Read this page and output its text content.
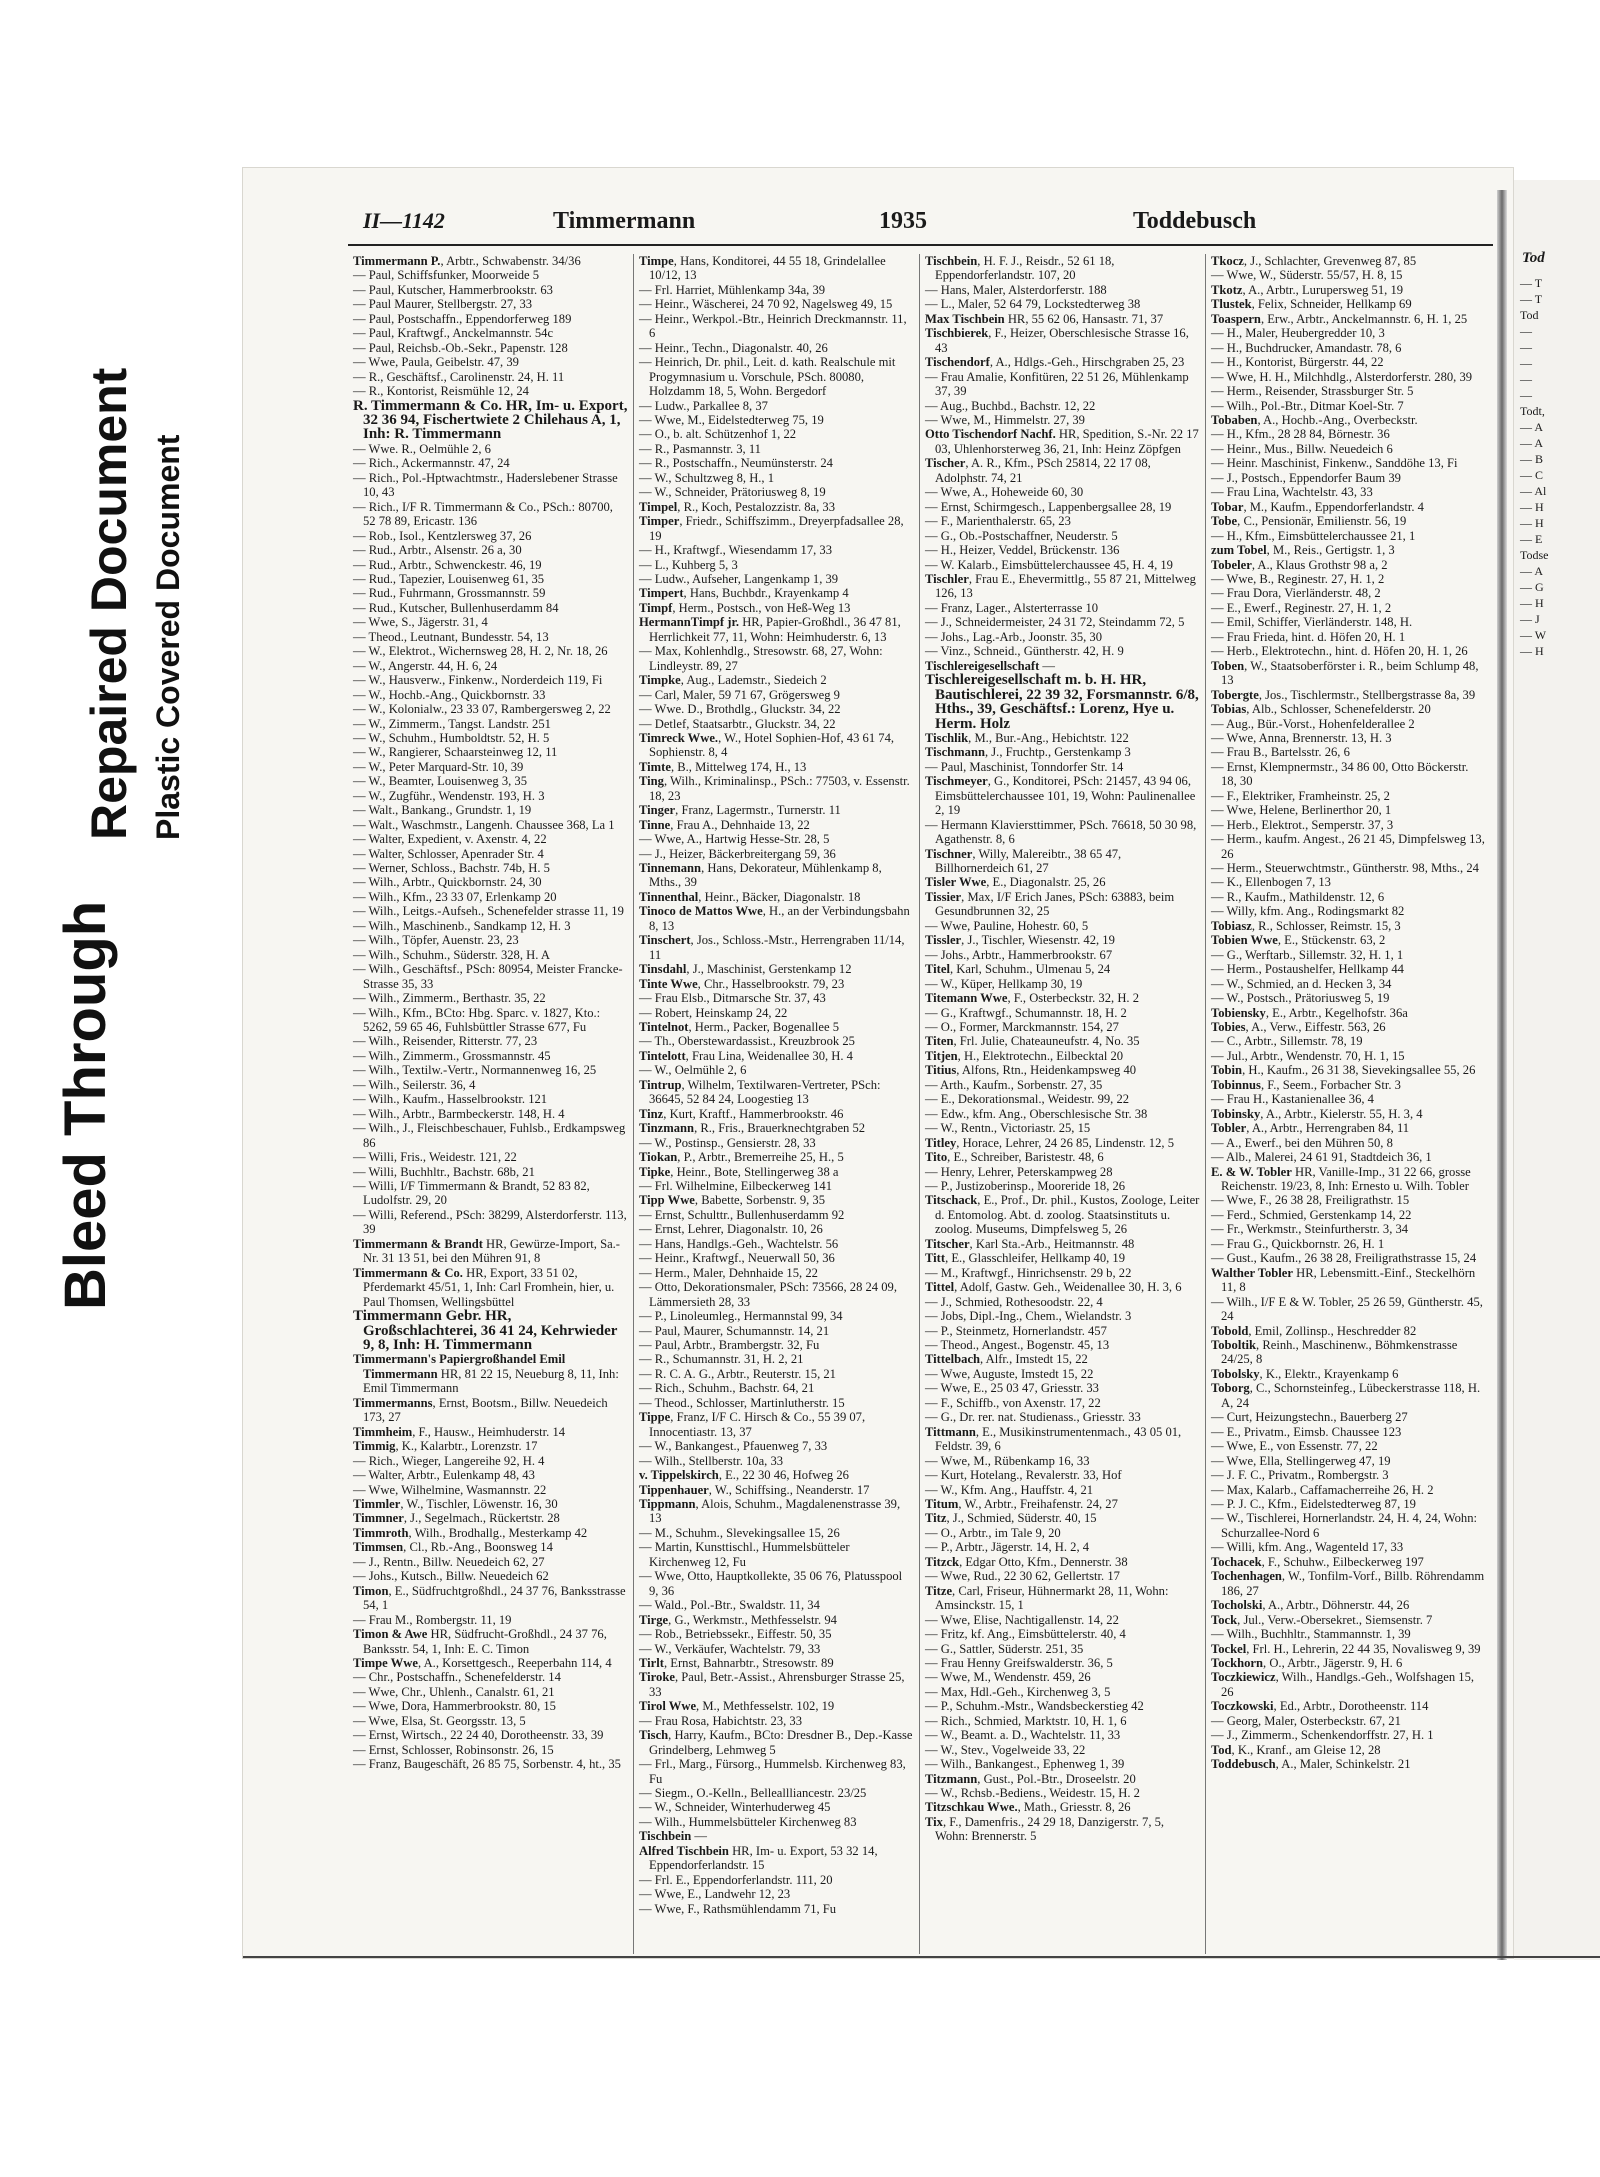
Bleed Through
Repaired Document Plastic Covered Document
II—1142	Timmermann	1935	Toddebusch
Timmermann P., Arbtr., Schwabenstr. 34/36
— Paul, Schiffsfunker, Moorweide 5
— Paul, Kutscher, Hammerbrookstr. 63
— Paul Maurer, Stellbergstr. 27, 33
— Paul, Postschaffn., Eppendorferweg 189
— Paul, Kraftwgf., Anckelmannstr. 54c
— Paul, Reichsb.-Ob.-Sekr., Papenstr. 128
— Wwe, Paula, Geibelstr. 47, 39
— R., Geschäftsf., Carolinenstr. 24, H. 11
— R., Kontorist, Reismühle 12, 24
R. Timmermann & Co. HR, Im- u. Export, 32 36 94, Fischertwiete 2 Chilehaus A, 1, Inh: R. Timmermann
— Wwe. R., Oelmühle 2, 6
— Rich., Ackermannstr. 47, 24
— Rich., Pol.-Hptwachtmstr., Haderslebener Strasse 10, 43
— Rich., I/F R. Timmermann & Co., PSch.: 80700, 52 78 89, Ericastr. 136
— Rob., Isol., Kentzlersweg 37, 26
— Rud., Arbtr., Alsenstr. 26 a, 30
— Rud., Arbtr., Schwenckestr. 46, 19
— Rud., Tapezier, Louisenweg 61, 35
— Rud., Fuhrmann, Grossmannstr. 59
— Rud., Kutscher, Bullenhuserdamm 84
— Wwe, S., Jägerstr. 31, 4
— Theod., Leutnant, Bundesstr. 54, 13
— W., Elektrot., Wichernsweg 28, H. 2, Nr. 18, 26
— W., Angerstr. 44, H. 6, 24
— W., Hausverw., Finkenw., Norderdeich 119, Fi
— W., Hochb.-Ang., Quickbornstr. 33
— W., Kolonialw., 23 33 07, Rambergersweg 2, 22
— W., Zimmerm., Tangst. Landstr. 251
— W., Schuhm., Humboldtstr. 52, H. 5
— W., Rangierer, Schaarsteinweg 12, 11
— W., Peter Marquard-Str. 10, 39
— W., Beamter, Louisenweg 3, 35
— W., Zugführ., Wendenstr. 193, H. 3
— Walt., Bankang., Grundstr. 1, 19
— Walt., Waschmstr., Langenh. Chaussee 368, La 1
— Walter, Expedient, v. Axenstr. 4, 22
— Walter, Schlosser, Apenrader Str. 4
— Werner, Schloss., Bachstr. 74b, H. 5
— Wilh., Arbtr., Quickbornstr. 24, 30
— Wilh., Kfm., 23 33 07, Erlenkamp 20
— Wilh., Leitgs.-Aufseh., Schenefelder strasse 11, 19
— Wilh., Maschinenb., Sandkamp 12, H. 3
— Wilh., Töpfer, Auenstr. 23, 23
— Wilh., Schuhm., Süderstr. 328, H. A
— Wilh., Geschäftsf., PSch: 80954, Meister Francke-Strasse 35, 33
— Wilh., Zimmerm., Berthastr. 35, 22
— Wilh., Kfm., BCto: Hbg. Sparc. v. 1827, Kto.: 5262, 59 65 46, Fuhlsbüttler Strasse 677, Fu
— Wilh., Reisender, Ritterstr. 77, 23
— Wilh., Zimmerm., Grossmannstr. 45
— Wilh., Textilw.-Vertr., Normannenweg 16, 25
— Wilh., Seilerstr. 36, 4
— Wilh., Kaufm., Hasselbrookstr. 121
— Wilh., Arbtr., Barmbeckerstr. 148, H. 4
— Wilh., J., Fleischbeschauer, Fuhlsb., Erdkampsweg 86
— Willi, Fris., Weidestr. 121, 22
— Willi, Buchhltr., Bachstr. 68b, 21
— Willi, I/F Timmermann & Brandt, 52 83 82, Ludolfstr. 29, 20
— Willi, Referend., PSch: 38299, Alsterdorferstr. 113, 39
Timmermann & Brandt HR, Gewürze-Import, Sa.-Nr. 31 13 51, bei den Mühren 91, 8
Timmermann & Co. HR, Export, 33 51 02, Pferdemarkt 45/51, 1, Inh: Carl Fromhein, hier, u. Paul Thomsen, Wellingsbüttel
Timmermann Gebr. HR, Großschlachterei, 36 41 24, Kehrwieder 9, 8, Inh: H. Timmermann
Timmermann's Papiergroßhandel Emil Timmermann HR, 81 22 15, Neueburg 8, 11, Inh: Emil Timmermann
Timmermanns, Ernst, Bootsm., Billw. Neuedeich 173, 27
Timmheim, F., Hausw., Heimhuderstr. 14
Timmig, K., Kalarbtr., Lorenzstr. 17
— Rich., Wieger, Langereihe 92, H. 4
— Walter, Arbtr., Eulenkamp 48, 43
— Wwe, Wilhelmine, Wasmannstr. 22
Timmler, W., Tischler, Löwenstr. 16, 30
Timmner, J., Segelmach., Rückertstr. 28
Timmroth, Wilh., Brodhallg., Mesterkamp 42
Timmsen, Cl., Rb.-Ang., Boonsweg 14
— J., Rentn., Billw. Neuedeich 62, 27
— Johs., Kutsch., Billw. Neuedeich 62
Timon, E., Südfruchtgroßhdl., 24 37 76, Banksstrasse 54, 1
— Frau M., Rombergstr. 11, 19
Timon & Awe HR, Südfrucht-Großhdl., 24 37 76, Banksstr. 54, 1, Inh: E. C. Timon
Timpe Wwe, A., Korsettgesch., Reeperbahn 114, 4
— Chr., Postschaffn., Schenefelderstr. 14
— Wwe, Chr., Uhlenh., Canalstr. 61, 21
— Wwe, Dora, Hammerbrookstr. 80, 15
— Wwe, Elsa, St. Georgsstr. 13, 5
— Ernst, Wirtsch., 22 24 40, Dorotheenstr. 33, 39
— Ernst, Schlosser, Robinsonstr. 26, 15
— Franz, Baugeschäft, 26 85 75, Sorbenstr. 4, ht., 35
Timpe, Hans, Konditorei, 44 55 18, Grindelallee 10/12, 13
— Frl. Harriet, Mühlenkamp 34a, 39
— Heinr., Wäscherei, 24 70 92, Nagelsweg 49, 15
— Heinr., Werkpol.-Btr., Heinrich Dreckmannstr. 11, 6
— Heinr., Techn., Diagonalstr. 40, 26
— Heinrich, Dr. phil., Leit. d. kath. Realschule mit Progymnasium u. Vorschule, PSch. 80080, Holzdamm 18, 5, Wohn. Bergedorf
— Ludw., Parkallee 8, 37
— Wwe, M., Eidelstedterweg 75, 19
— O., b. alt. Schützenhof 1, 22
— R., Pasmannstr. 3, 11
— R., Postschaffn., Neumünsterstr. 24
— W., Schultzweg 8, H., 1
— W., Schneider, Prätoriusweg 8, 19
Timpel, R., Koch, Pestalozzistr. 8a, 33
Timper, Friedr., Schiffszimm., Dreyerpfadsallee 28, 19
— H., Kraftwgf., Wiesendamm 17, 33
— L., Kuhberg 5, 3
— Ludw., Aufseher, Langenkamp 1, 39
Timpert, Hans, Buchbdr., Krayenkamp 4
Timpf, Herm., Postsch., von Heß-Weg 13
HermannTimpf jr. HR, Papier-Großhdl., 36 47 81, Herrlichkeit 77, 11, Wohn: Heimhuderstr. 6, 13
— Max, Kohlenhdlg., Stresowstr. 68, 27, Wohn: Lindleystr. 89, 27
Timpke, Aug., Lademstr., Siedeich 2
— Carl, Maler, 59 71 67, Grögersweg 9
— Wwe. D., Brothdlg., Gluckstr. 34, 22
— Detlef, Staatsarbtr., Gluckstr. 34, 22
Timreck Wwe., W., Hotel Sophien-Hof, 43 61 74, Sophienstr. 8, 4
Timte, B., Mittelweg 174, H., 13
Ting, Wilh., Kriminalinsp., PSch.: 77503, v. Essenstr. 18, 23
Tinger, Franz, Lagermstr., Turnerstr. 11
Tinne, Frau A., Dehnhaide 13, 22
— Wwe, A., Hartwig Hesse-Str. 28, 5
— J., Heizer, Bäckerbreitergang 59, 36
Tinnemann, Hans, Dekorateur, Mühlenkamp 8, Mths., 39
Tinnenthal, Heinr., Bäcker, Diagonalstr. 18
Tinoco de Mattos Wwe, H., an der Verbindungsbahn 8, 13
Tinschert, Jos., Schloss.-Mstr., Herrengraben 11/14, 11
Tinsdahl, J., Maschinist, Gerstenkamp 12
Tinte Wwe, Chr., Hasselbrookstr. 79, 23
— Frau Elsb., Ditmarsche Str. 37, 43
— Robert, Heinskamp 24, 22
Tintelnot, Herm., Packer, Bogenallee 5
— Th., Oberstewardassist., Kreuzbrook 25
Tintelott, Frau Lina, Weidenallee 30, H. 4
— W., Oelmühle 2, 6
Tintrup, Wilhelm, Textilwaren-Vertreter, PSch: 36645, 52 84 24, Loogestieg 13
Tinz, Kurt, Kraftf., Hammerbrookstr. 46
Tinzmann, R., Fris., Brauerknechtgraben 52
— W., Postinsp., Gensierstr. 28, 33
Tiokan, P., Arbtr., Bremerreihe 25, H., 5
Tipke, Heinr., Bote, Stellingerweg 38 a
— Frl. Wilhelmine, Eilbeckerweg 141
Tipp Wwe, Babette, Sorbenstr. 9, 35
— Ernst, Schulttr., Bullenhuserdamm 92
— Ernst, Lehrer, Diagonalstr. 10, 26
— Hans, Handlgs.-Geh., Wachtelstr. 56
— Heinr., Kraftwgf., Neuerwall 50, 36
— Herm., Maler, Dehnhaide 15, 22
— Otto, Dekorationsmaler, PSch: 73566, 28 24 09, Lämmersieth 28, 33
— P., Linoleumleg., Hermannstal 99, 34
— Paul, Maurer, Schumannstr. 14, 21
— Paul, Arbtr., Brambergstr. 32, Fu
— R., Schumannstr. 31, H. 2, 21
— R. C. A. G., Arbtr., Reuterstr. 15, 21
— Rich., Schuhm., Bachstr. 64, 21
— Theod., Schlosser, Martinlutherstr. 15
Tippe, Franz, I/F C. Hirsch & Co., 55 39 07, Innocentiastr. 13, 37
— W., Bankangest., Pfauenweg 7, 33
— Wilh., Stellberstr. 10a, 33
v. Tippelskirch, E., 22 30 46, Hofweg 26
Tippenhauer, W., Schiffsing., Neanderstr. 17
Tippmann, Alois, Schuhm., Magdalenenstrasse 39, 13
— M., Schuhm., Slevekingsallee 15, 26
— Martin, Kunsttischl., Hummelsbütteler Kirchenweg 12, Fu
— Wwe, Otto, Hauptkollekte, 35 06 76, Platusspool 9, 36
— Wald., Pol.-Btr., Swaldstr. 11, 34
Tirge, G., Werkmstr., Methfesselstr. 94
— Rob., Betriebssekr., Eiffestr. 50, 35
— W., Verkäufer, Wachtelstr. 79, 33
Tirlt, Ernst, Bahnarbtr., Stresowstr. 89
Tiroke, Paul, Betr.-Assist., Ahrensburger Strasse 25, 33
Tirol Wwe, M., Methfesselstr. 102, 19
— Frau Rosa, Habichtstr. 23, 33
Tisch, Harry, Kaufm., BCto: Dresdner B., Dep.-Kasse Grindelberg, Lehmweg 5
— Frl., Marg., Fürsorg., Hummelsb. Kirchenweg 83, Fu
— Siegm., O.-Kelln., Belleallliancestr. 23/25
— W., Schneider, Winterhuderweg 45
— Wilh., Hummelsbütteler Kirchenweg 83
Tischbein —
Alfred Tischbein HR, Im- u. Export, 53 32 14, Eppendorferlandstr. 15
— Frl. E., Eppendorferlandstr. 111, 20
— Wwe, E., Landwehr 12, 23
— Wwe, F., Rathsmühlendamm 71, Fu
Tischbein, H. F. J., Reisdr., 52 61 18, Eppendorferlandstr. 107, 20
— Hans, Maler, Alsterdorferstr. 188
— L., Maler, 52 64 79, Lockstedterweg 38
Max Tischbein HR, 55 62 06, Hansastr. 71, 37
Tischbierek, F., Heizer, Oberschlesische Strasse 16, 43
Tischendorf, A., Hdlgs.-Geh., Hirschgraben 25, 23
— Frau Amalie, Konfitüren, 22 51 26, Mühlenkamp 37, 39
— Aug., Buchbd., Bachstr. 12, 22
— Wwe, M., Himmelstr. 27, 39
Otto Tischendorf Nachf. HR, Spedition, S.-Nr. 22 17 03, Uhlenhorsterweg 36, 21, Inh: Heinz Zöpfgen
Tischer, A. R., Kfm., PSch 25814, 22 17 08, Adolphstr. 74, 21
— Wwe, A., Hoheweide 60, 30
— Ernst, Schirmgesch., Lappenbergsallee 28, 19
— F., Marienthalerstr. 65, 23
— G., Ob.-Postschaffner, Neuderstr. 5
— H., Heizer, Veddel, Brückenstr. 136
— W. Kalarb., Eimsbüttelerchaussee 45, H. 4, 19
Tischler, Frau E., Ehevermittlg., 55 87 21, Mittelweg 126, 13
— Franz, Lager., Alsterterrasse 10
— J., Schneidermeister, 24 31 72, Steindamm 72, 5
— Johs., Lag.-Arb., Joonstr. 35, 30
— Vinz., Schneid., Güntherstr. 42, H. 9
Tischlereigesellschaft —
Tischlereigesellschaft m. b. H. HR, Bautischlerei, 22 39 32, Forsmannstr. 6/8, Hths., 39, Geschäftsf.: Lorenz, Hye u. Herm. Holz
Tischlik, M., Bur.-Ang., Hebichtstr. 122
Tischmann, J., Fruchtp., Gerstenkamp 3
— Paul, Maschinist, Tonndorfer Str. 14
Tischmeyer, G., Konditorei, PSch: 21457, 43 94 06, Eimsbüttelerchaussee 101, 19, Wohn: Paulinenallee 2, 19
— Hermann Klaviersttimmer, PSch. 76618, 50 30 98, Agathenstr. 8, 6
Tischner, Willy, Malereibtr., 38 65 47, Billhornerdeich 61, 27
Tisler Wwe, E., Diagonalstr. 25, 26
Tissier, Max, I/F Erich Janes, PSch: 63883, beim Gesundbrunnen 32, 25
— Wwe, Pauline, Hohestr. 60, 5
Tissler, J., Tischler, Wiesenstr. 42, 19
— Johs., Arbtr., Hammerbrookstr. 67
Titel, Karl, Schuhm., Ulmenau 5, 24
— W., Küper, Hellkamp 30, 19
Titemann Wwe, F., Osterbeckstr. 32, H. 2
— G., Kraftwgf., Schumannstr. 18, H. 2
— O., Former, Marckmannstr. 154, 27
Titen, Frl. Julie, Chateauneufstr. 4, No. 35
Titjen, H., Elektrotechn., Eilbecktal 20
Titius, Alfons, Rtn., Heidenkampsweg 40
— Arth., Kaufm., Sorbenstr. 27, 35
— E., Dekorationsmal., Weidestr. 99, 22
— Edw., kfm. Ang., Oberschlesische Str. 38
— W., Rentn., Victoriastr. 25, 15
Titley, Horace, Lehrer, 24 26 85, Lindenstr. 12, 5
Tito, E., Schreiber, Baristestr. 48, 6
— Henry, Lehrer, Peterskampweg 28
— P., Justizoberinsp., Mooreride 18, 26
Titschack, E., Prof., Dr. phil., Kustos, Zoologe, Leiter d. Entomolog. Abt. d. zoolog. Staatsinstituts u. zoolog. Museums, Dimpfelsweg 5, 26
Titscher, Karl Sta.-Arb., Heitmannstr. 48
Titt, E., Glasschleifer, Hellkamp 40, 19
— M., Kraftwgf., Hinrichsenstr. 29 b, 22
Tittel, Adolf, Gastw. Geh., Weidenallee 30, H. 3, 6
— J., Schmied, Rothesoodstr. 22, 4
— Jobs, Dipl.-Ing., Chem., Wielandstr. 3
— P., Steinmetz, Hornerlandstr. 457
— Theod., Angest., Bogenstr. 45, 13
Tittelbach, Alfr., Imstedt 15, 22
— Wwe, Auguste, Imstedt 15, 22
— Wwe, E., 25 03 47, Griesstr. 33
— F., Schiffb., von Axenstr. 17, 22
— G., Dr. rer. nat. Studienass., Griesstr. 33
Tittmann, E., Musikinstrumentenmach., 43 05 01, Feldstr. 39, 6
— Wwe, M., Rübenkamp 16, 33
— Kurt, Hotelang., Revalerstr. 33, Hof
— W., Kfm. Ang., Hauffstr. 4, 21
Titum, W., Arbtr., Freihafenstr. 24, 27
Titz, J., Schmied, Süderstr. 40, 15
— O., Arbtr., im Tale 9, 20
— P., Arbtr., Jägerstr. 14, H. 2, 4
Titzck, Edgar Otto, Kfm., Dennerstr. 38
— Wwe, Rud., 22 30 62, Gellertstr. 17
Titze, Carl, Friseur, Hühnermarkt 28, 11, Wohn: Amsinckstr. 15, 1
— Wwe, Elise, Nachtigallenstr. 14, 22
— Fritz, kf. Ang., Eimsbüttelerstr. 40, 4
— G., Sattler, Süderstr. 251, 35
— Frau Henny Greifswalderstr. 36, 5
— Wwe, M., Wendenstr. 459, 26
— Max, Hdl.-Geh., Kirchenweg 3, 5
— P., Schuhm.-Mstr., Wandsbeckerstieg 42
— Rich., Schmied, Marktstr. 10, H. 1, 6
— W., Beamt. a. D., Wachtelstr. 11, 33
— W., Stev., Vogelweide 33, 22
— Wilh., Bankangest., Ephenweg 1, 39
Titzmann, Gust., Pol.-Btr., Droseelstr. 20
— W., Rchsb.-Bediens., Weidestr. 15, H. 2
Titzschkau Wwe., Math., Griesstr. 8, 26
Tix, F., Damenfris., 24 29 18, Danzigerstr. 7, 5, Wohn: Brennerstr. 5
Tkocz, J., Schlachter, Grevenweg 87, 85
— Wwe, W., Süderstr. 55/57, H. 8, 15
Tkotz, A., Arbtr., Lurupersweg 51, 19
Tlustek, Felix, Schneider, Hellkamp 69
Toaspern, Erw., Arbtr., Anckelmannstr. 6, H. 1, 25
— H., Maler, Heubergredder 10, 3
— H., Buchdrucker, Amandastr. 78, 6
— H., Kontorist, Bürgerstr. 44, 22
— Wwe, H. H., Milchhdlg., Alsterdorferstr. 280, 39
— Herm., Reisender, Strassburger Str. 5
— Wilh., Pol.-Btr., Ditmar Koel-Str. 7
Tobaben, A., Hochb.-Ang., Overbeckstr.
— H., Kfm., 28 28 84, Börnestr. 36
— Heinr., Mus., Billw. Neuedeich 6
— Heinr. Maschinist, Finkenw., Sanddöhe 13, Fi
— J., Postsch., Eppendorfer Baum 39
— Frau Lina, Wachtelstr. 43, 33
Tobar, M., Kaufm., Eppendorferlandstr. 4
Tobe, C., Pensionär, Emilienstr. 56, 19
— H., Kfm., Eimsbüttelerchaussee 21, 1
zum Tobel, M., Reis., Gertigstr. 1, 3
Tobeler, A., Klaus Grothstr 98 a, 2
— Wwe, B., Reginestr. 27, H. 1, 2
— Frau Dora, Vierländerstr. 48, 2
— E., Ewerf., Reginestr. 27, H. 1, 2
— Emil, Schiffer, Vierländerstr. 148, H.
— Frau Frieda, hint. d. Höfen 20, H. 1
— Herb., Elektrotechn., hint. d. Höfen 20, H. 1, 26
Toben, W., Staatsoberförster i. R., beim Schlump 48, 13
Tobergte, Jos., Tischlermstr., Stellbergstrasse 8a, 39
Tobias, Alb., Schlosser, Schenefelderstr. 20
— Aug., Bür.-Vorst., Hohenfelderallee 2
— Wwe, Anna, Brennerstr. 13, H. 3
— Frau B., Bartelsstr. 26, 6
— Ernst, Klempnermstr., 34 86 00, Otto Böckerstr. 18, 30
— F., Elektriker, Framheinstr. 25, 2
— Wwe, Helene, Berlinerthor 20, 1
— Herb., Elektrot., Semperstr. 37, 3
— Herm., kaufm. Angest., 26 21 45, Dimpfelsweg 13, 26
— Herm., Steuerwchtmstr., Güntherstr. 98, Mths., 24
— K., Ellenbogen 7, 13
— R., Kaufm., Mathildenstr. 12, 6
— Willy, kfm. Ang., Rodingsmarkt 82
Tobiasz, R., Schlosser, Reimstr. 15, 3
Tobien Wwe, E., Stückenstr. 63, 2
— G., Werftarb., Sillemstr. 32, H. 1, 1
— Herm., Postaushelfer, Hellkamp 44
— W., Schmied, an d. Hecken 3, 34
— W., Postsch., Prätoriusweg 5, 19
Tobiensky, E., Arbtr., Kegelhofstr. 36a
Tobies, A., Verw., Eiffestr. 563, 26
— C., Arbtr., Sillemstr. 78, 19
— Jul., Arbtr., Wendenstr. 70, H. 1, 15
Tobin, H., Kaufm., 26 31 38, Sievekingsallee 55, 26
Tobinnus, F., Seem., Forbacher Str. 3
— Frau H., Kastanienallee 36, 4
Tobinsky, A., Arbtr., Kielerstr. 55, H. 3, 4
Tobler, A., Arbtr., Herrengraben 84, 11
— A., Ewerf., bei den Mühren 50, 8
— Alb., Malerei, 24 61 91, Stadtdeich 36, 1
E. & W. Tobler HR, Vanille-Imp., 31 22 66, grosse Reichenstr. 19/23, 8, Inh: Ernesto u. Wilh. Tobler
— Wwe, F., 26 38 28, Freiligrathstr. 15
— Ferd., Schmied, Gerstenkamp 14, 22
— Fr., Werkmstr., Steinfurtherstr. 3, 34
— Frau G., Quickbornstr. 26, H. 1
— Gust., Kaufm., 26 38 28, Freiligrathstrasse 15, 24
Walther Tobler HR, Lebensmitt.-Einf., Steckelhörn 11, 8
— Wilh., I/F E & W. Tobler, 25 26 59, Güntherstr. 45, 24
Tobold, Emil, Zollinsp., Heschredder 82
Toboltik, Reinh., Maschinenw., Böhmkenstrasse 24/25, 8
Tobolsky, K., Elektr., Krayenkamp 6
Toborg, C., Schornsteinfeg., Lübeckerstrasse 118, H. A, 24
— Curt, Heizungstechn., Bauerberg 27
— E., Privatm., Eimsb. Chaussee 123
— Wwe, E., von Essenstr. 77, 22
— Wwe, Ella, Stellingerweg 47, 19
— J. F. C., Privatm., Rombergstr. 3
— Max, Kalarb., Caffamacherreihe 26, H. 2
— P. J. C., Kfm., Eidelstedterweg 87, 19
— W., Tischlerei, Hornerlandstr. 24, H. 4, 24, Wohn: Schurzallee-Nord 6
— Willi, kfm. Ang., Wagenteld 17, 33
Tochacek, F., Schuhw., Eilbeckerweg 197
Tochenhagen, W., Tonfilm-Vorf., Billb. Röhrendamm 186, 27
Tocholski, A., Arbtr., Döhnerstr. 44, 26
Tock, Jul., Verw.-Obersekret., Siemsenstr. 7
— Wilh., Buchhltr., Stammannstr. 1, 39
Tockel, Frl. H., Lehrerin, 22 44 35, Novalisweg 9, 39
Tockhorn, O., Arbtr., Jägerstr. 9, H. 6
Toczkiewicz, Wilh., Handlgs.-Geh., Wolfshagen 15, 26
Toczkowski, Ed., Arbtr., Dorotheenstr. 114
— Georg, Maler, Osterbeckstr. 67, 21
— J., Zimmerm., Schenkendorffstr. 27, H. 1
Tod, K., Kranf., am Gleise 12, 28
Toddebusch, A., Maler, Schinkelstr. 21
Tod
— T
— T
Tod
—
—
—
—
—
Todt,
— A
— A
— B
— C
— Al
— H
— H
— E
Todse
— A
— G
— H
— J
— W
— H
